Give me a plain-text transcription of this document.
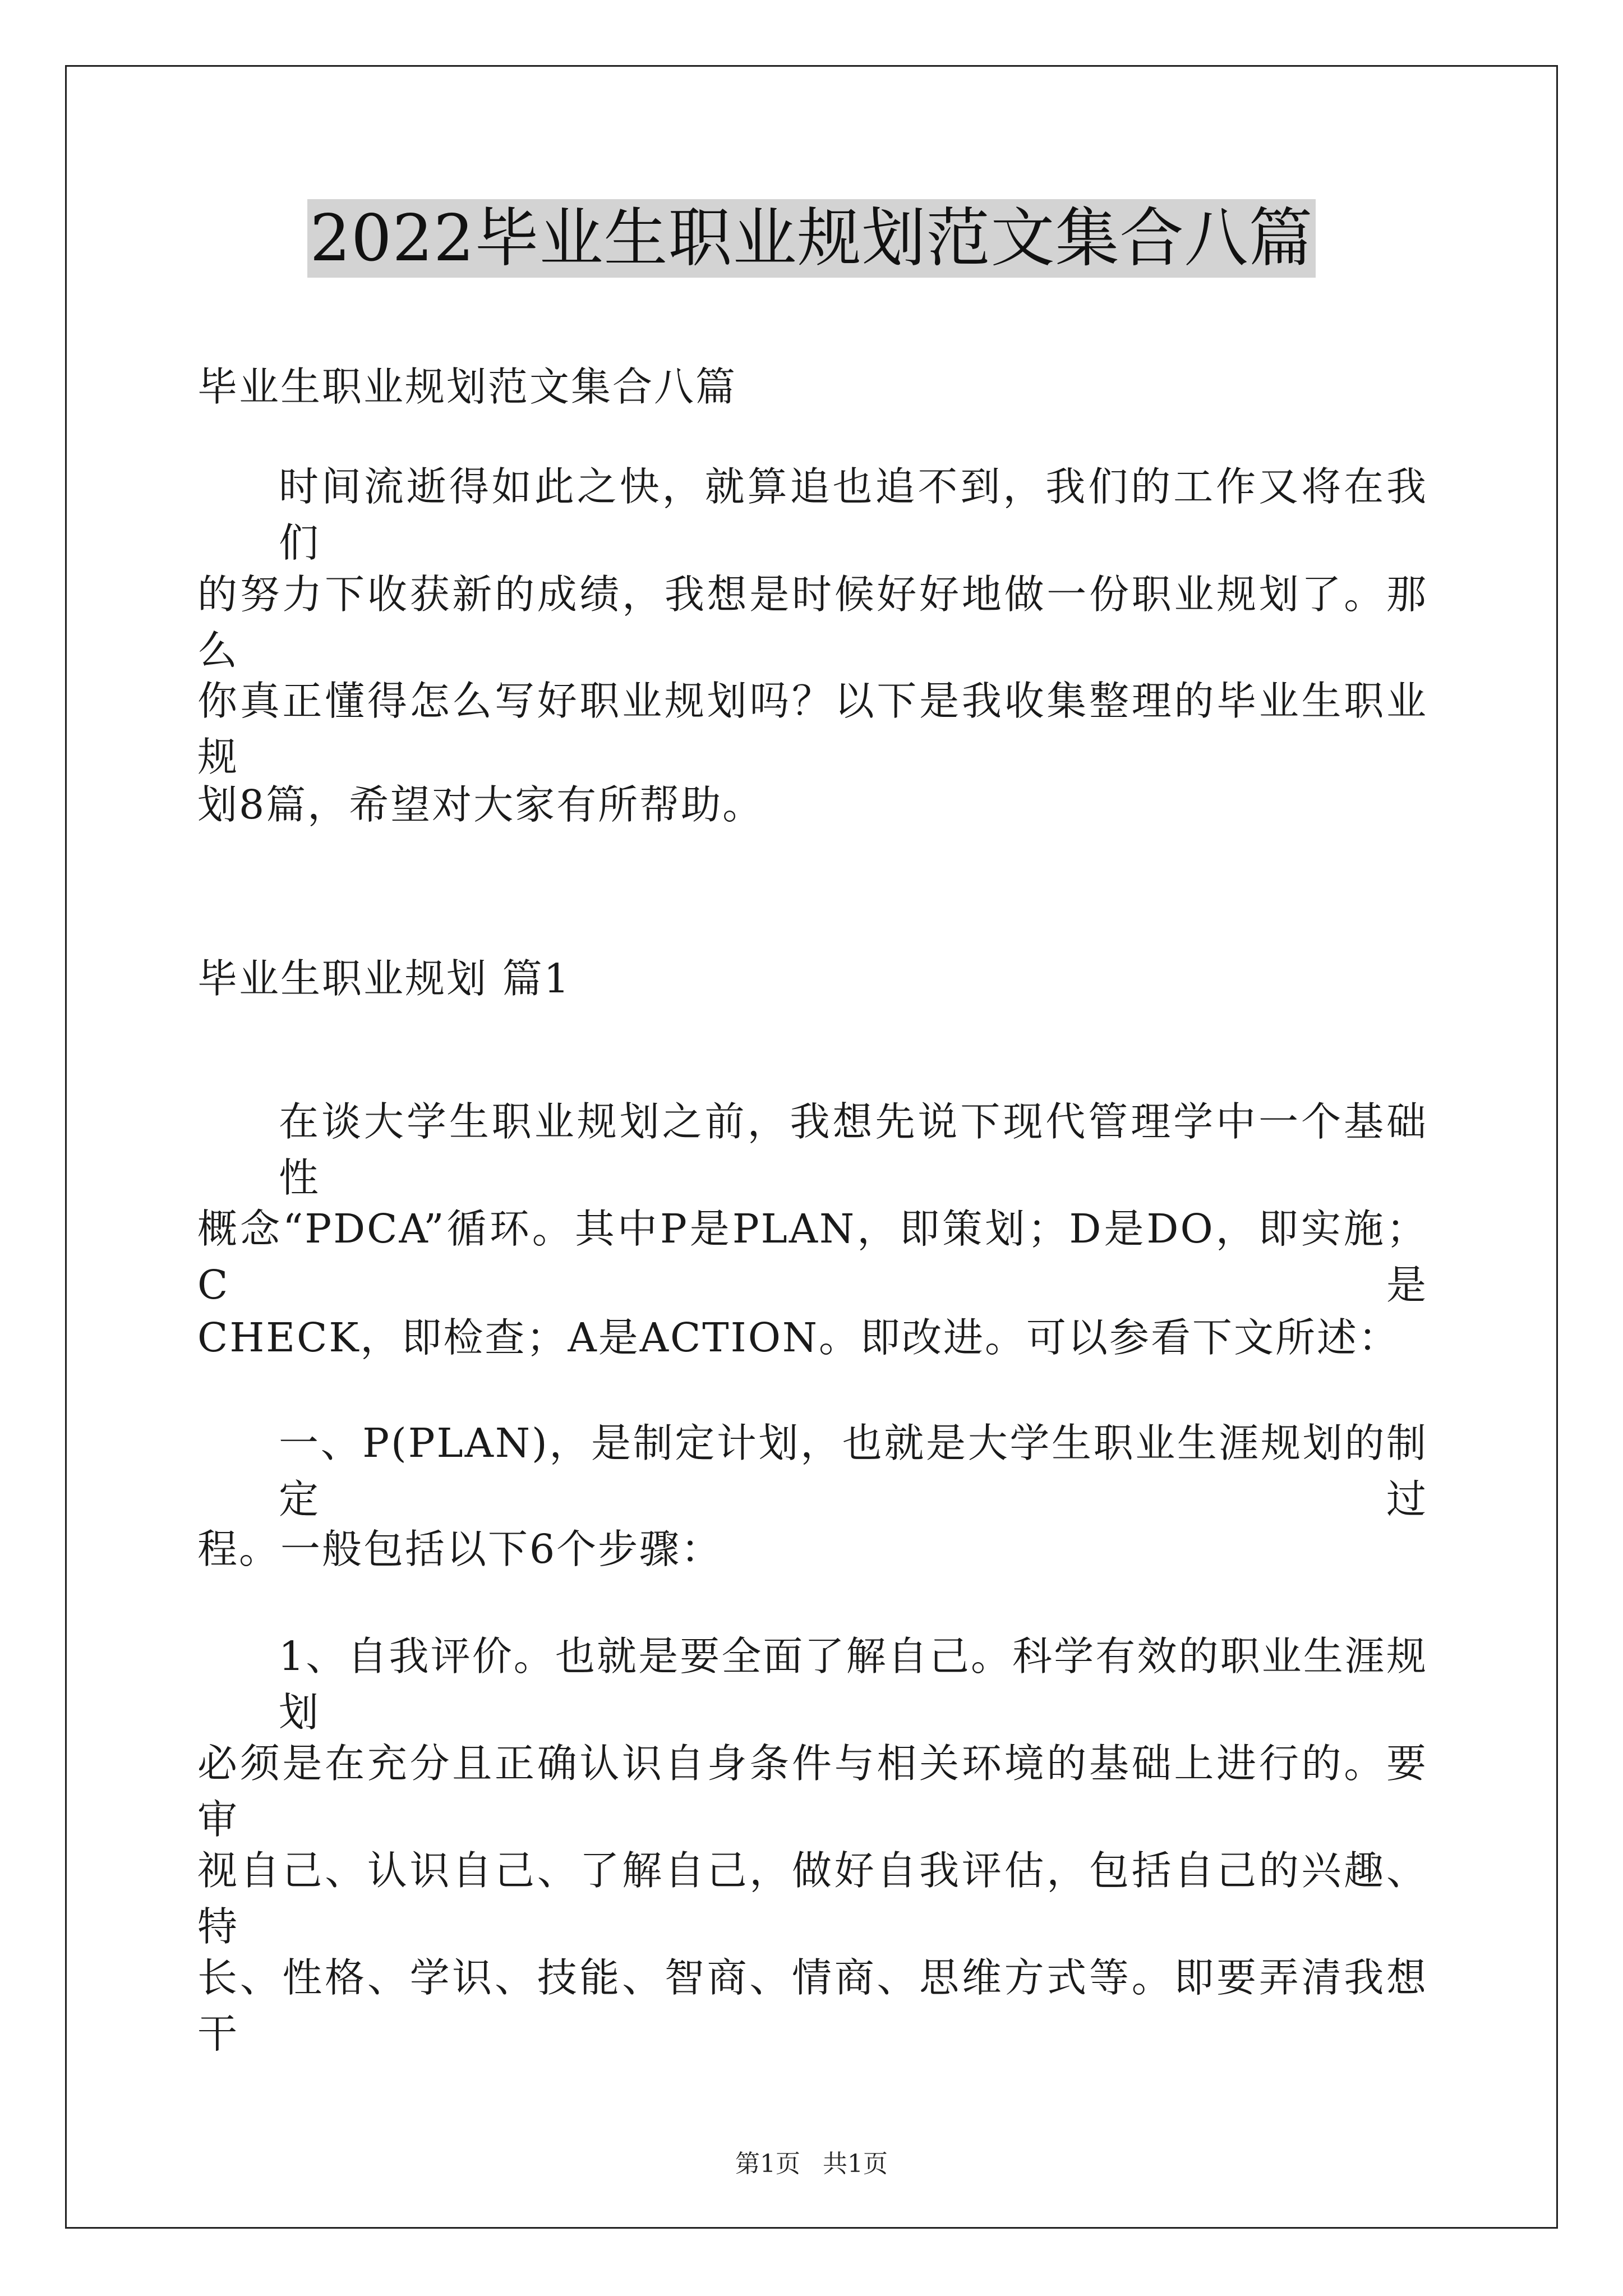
2022毕业生职业规划范文集合八篇
毕业生职业规划范文集合八篇
时间流逝得如此之快，就算追也追不到，我们的工作又将在我们
的努力下收获新的成绩，我想是时候好好地做一份职业规划了。那么
你真正懂得怎么写好职业规划吗？以下是我收集整理的毕业生职业规
划8篇，希望对大家有所帮助。
毕业生职业规划 篇1
在谈大学生职业规划之前，我想先说下现代管理学中一个基础性
概念“PDCA”循环。其中P是PLAN，即策划；D是DO，即实施；C是
CHECK，即检查；A是ACTION。即改进。可以参看下文所述：
一、P(PLAN)，是制定计划，也就是大学生职业生涯规划的制定过
程。一般包括以下6个步骤：
1、自我评价。也就是要全面了解自己。科学有效的职业生涯规划
必须是在充分且正确认识自身条件与相关环境的基础上进行的。要审
视自己、认识自己、了解自己，做好自我评估，包括自己的兴趣、特
长、性格、学识、技能、智商、情商、思维方式等。即要弄清我想干
第1页 共1页
